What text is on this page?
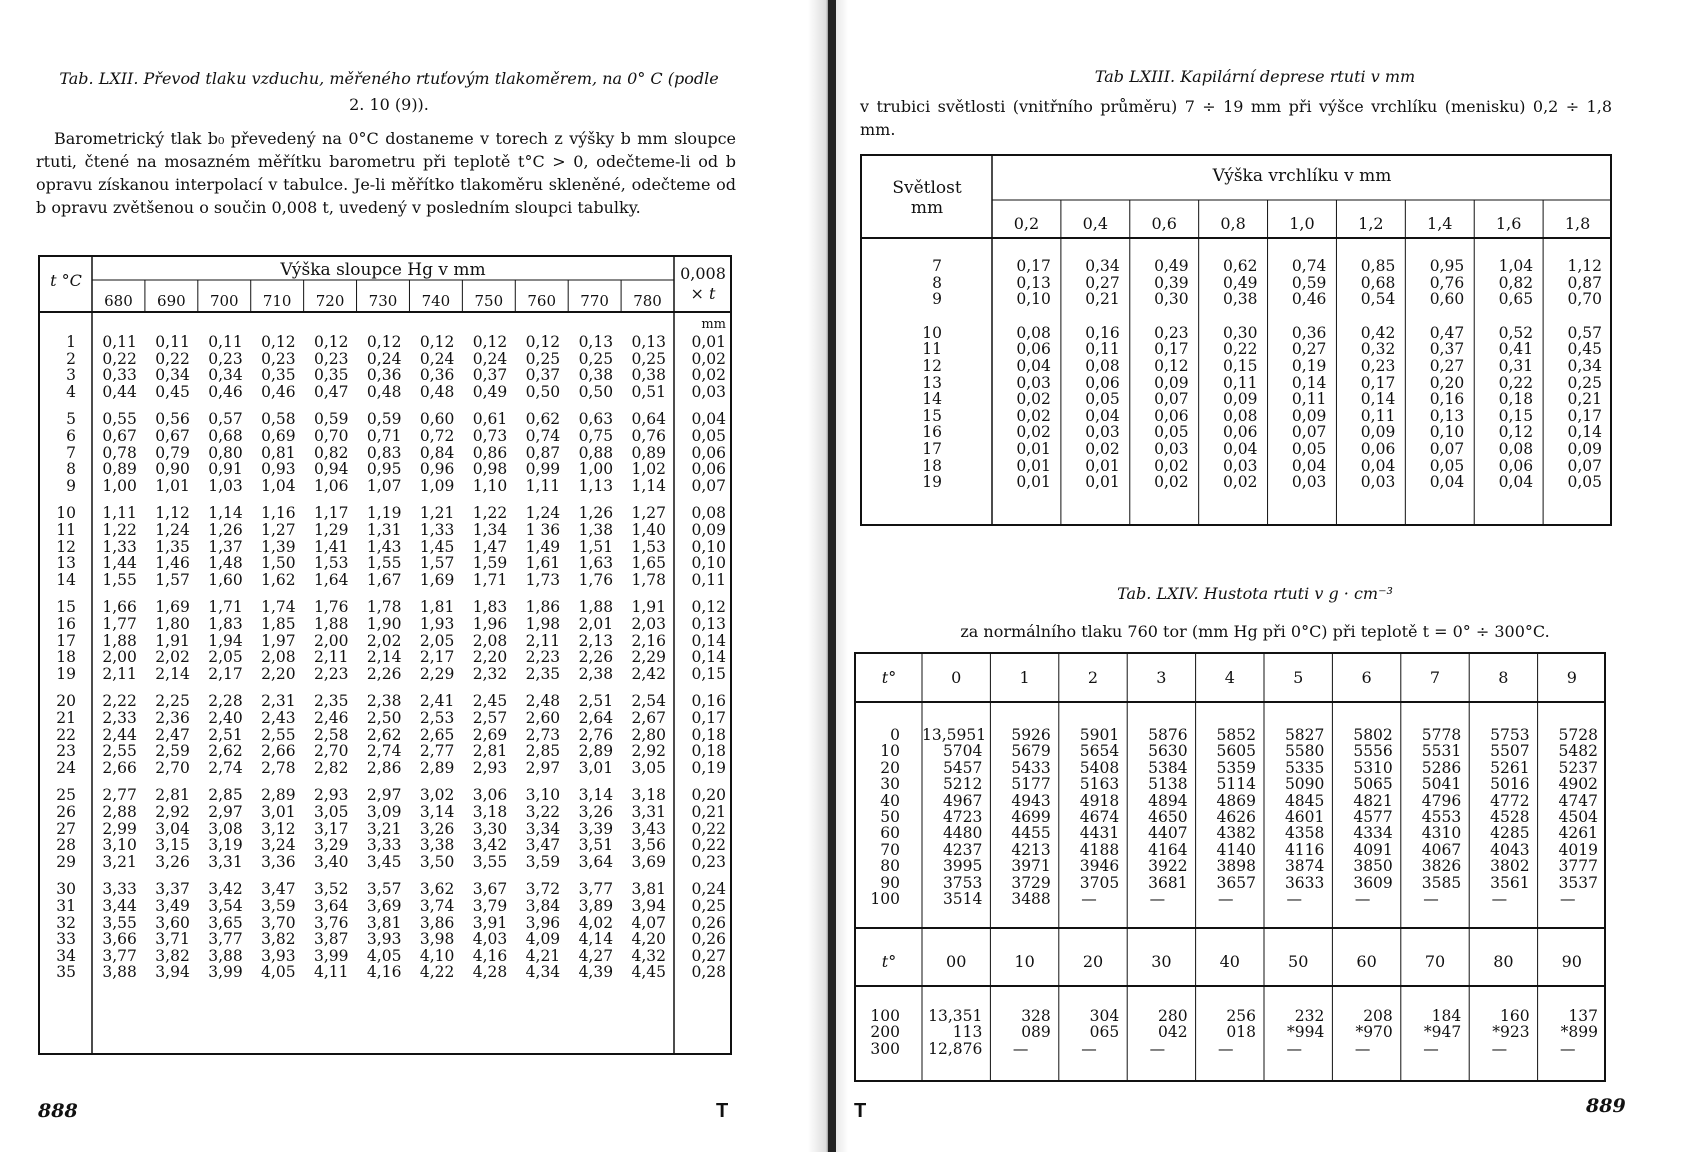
Tab. LXII. Převod tlaku vzduchu, měřeného rtuťovým tlakoměrem, na 0° C (podle
2. 10 (9)).
Barometrický tlak b₀ převedený na 0°C dostaneme v torech z výšky b mm sloupce rtuti, čtené na mosazném měřítku barometru při teplotě t°C > 0, odečteme-li od b opravu získanou interpolací v tabulce. Je-li měřítko tlakoměru skleněné, odečteme od b opravu zvětšenou o součin 0,008 t, uvedený v posledním sloupci tabulky.
t °C
Výška sloupce Hg v mm	0,008
× t
mm
680	690	700	710	720	730	740	750	760	770	780
1	0,11	0,11	0,11	0,12	0,12	0,12	0,12	0,12	0,12	0,13	0,13	0,01
2	0,22	0,22	0,23	0,23	0,23	0,24	0,24	0,24	0,25	0,25	0,25	0,02
3	0,33	0,34	0,34	0,35	0,35	0,36	0,36	0,37	0,37	0,38	0,38	0,02
4	0,44	0,45	0,46	0,46	0,47	0,48	0,48	0,49	0,50	0,50	0,51	0,03
5	0,55	0,56	0,57	0,58	0,59	0,59	0,60	0,61	0,62	0,63	0,64	0,04
6	0,67	0,67	0,68	0,69	0,70	0,71	0,72	0,73	0,74	0,75	0,76	0,05
7	0,78	0,79	0,80	0,81	0,82	0,83	0,84	0,86	0,87	0,88	0,89	0,06
8	0,89	0,90	0,91	0,93	0,94	0,95	0,96	0,98	0,99	1,00	1,02	0,06
9	1,00	1,01	1,03	1,04	1,06	1,07	1,09	1,10	1,11	1,13	1,14	0,07
10	1,11	1,12	1,14	1,16	1,17	1,19	1,21	1,22	1,24	1,26	1,27	0,08
11	1,22	1,24	1,26	1,27	1,29	1,31	1,33	1,34	1 36	1,38	1,40	0,09
12	1,33	1,35	1,37	1,39	1,41	1,43	1,45	1,47	1,49	1,51	1,53	0,10
13	1,44	1,46	1,48	1,50	1,53	1,55	1,57	1,59	1,61	1,63	1,65	0,10
14	1,55	1,57	1,60	1,62	1,64	1,67	1,69	1,71	1,73	1,76	1,78	0,11
15	1,66	1,69	1,71	1,74	1,76	1,78	1,81	1,83	1,86	1,88	1,91	0,12
16	1,77	1,80	1,83	1,85	1,88	1,90	1,93	1,96	1,98	2,01	2,03	0,13
17	1,88	1,91	1,94	1,97	2,00	2,02	2,05	2,08	2,11	2,13	2,16	0,14
18	2,00	2,02	2,05	2,08	2,11	2,14	2,17	2,20	2,23	2,26	2,29	0,14
19	2,11	2,14	2,17	2,20	2,23	2,26	2,29	2,32	2,35	2,38	2,42	0,15
20	2,22	2,25	2,28	2,31	2,35	2,38	2,41	2,45	2,48	2,51	2,54	0,16
21	2,33	2,36	2,40	2,43	2,46	2,50	2,53	2,57	2,60	2,64	2,67	0,17
22	2,44	2,47	2,51	2,55	2,58	2,62	2,65	2,69	2,73	2,76	2,80	0,18
23	2,55	2,59	2,62	2,66	2,70	2,74	2,77	2,81	2,85	2,89	2,92	0,18
24	2,66	2,70	2,74	2,78	2,82	2,86	2,89	2,93	2,97	3,01	3,05	0,19
25	2,77	2,81	2,85	2,89	2,93	2,97	3,02	3,06	3,10	3,14	3,18	0,20
26	2,88	2,92	2,97	3,01	3,05	3,09	3,14	3,18	3,22	3,26	3,31	0,21
27	2,99	3,04	3,08	3,12	3,17	3,21	3,26	3,30	3,34	3,39	3,43	0,22
28	3,10	3,15	3,19	3,24	3,29	3,33	3,38	3,42	3,47	3,51	3,56	0,22
29	3,21	3,26	3,31	3,36	3,40	3,45	3,50	3,55	3,59	3,64	3,69	0,23
30	3,33	3,37	3,42	3,47	3,52	3,57	3,62	3,67	3,72	3,77	3,81	0,24
31	3,44	3,49	3,54	3,59	3,64	3,69	3,74	3,79	3,84	3,89	3,94	0,25
32	3,55	3,60	3,65	3,70	3,76	3,81	3,86	3,91	3,96	4,02	4,07	0,26
33	3,66	3,71	3,77	3,82	3,87	3,93	3,98	4,03	4,09	4,14	4,20	0,26
34	3,77	3,82	3,88	3,93	3,99	4,05	4,10	4,16	4,21	4,27	4,32	0,27
35	3,88	3,94	3,99	4,05	4,11	4,16	4,22	4,28	4,34	4,39	4,45	0,28
888	T
Tab LXIII. Kapilární deprese rtuti v mm
v trubici světlosti (vnitřního průměru) 7 ÷ 19 mm při výšce vrchlíku (menisku) 0,2 ÷ 1,8 mm.
Světlost
mm
Výška vrchlíku v mm
0,2	0,4	0,6	0,8	1,0	1,2	1,4	1,6	1,8
7	0,17	0,34	0,49	0,62	0,74	0,85	0,95	1,04	1,12
8	0,13	0,27	0,39	0,49	0,59	0,68	0,76	0,82	0,87
9	0,10	0,21	0,30	0,38	0,46	0,54	0,60	0,65	0,70
10	0,08	0,16	0,23	0,30	0,36	0,42	0,47	0,52	0,57
11	0,06	0,11	0,17	0,22	0,27	0,32	0,37	0,41	0,45
12	0,04	0,08	0,12	0,15	0,19	0,23	0,27	0,31	0,34
13	0,03	0,06	0,09	0,11	0,14	0,17	0,20	0,22	0,25
14	0,02	0,05	0,07	0,09	0,11	0,14	0,16	0,18	0,21
15	0,02	0,04	0,06	0,08	0,09	0,11	0,13	0,15	0,17
16	0,02	0,03	0,05	0,06	0,07	0,09	0,10	0,12	0,14
17	0,01	0,02	0,03	0,04	0,05	0,06	0,07	0,08	0,09
18	0,01	0,01	0,02	0,03	0,04	0,04	0,05	0,06	0,07
19	0,01	0,01	0,02	0,02	0,03	0,03	0,04	0,04	0,05
Tab. LXIV. Hustota rtuti v g · cm⁻³
za normálního tlaku 760 tor (mm Hg při 0°C) při teplotě t = 0° ÷ 300°C.
t°	0	1	2	3	4	5	6	7	8	9
0 13,5951	5926	5901	5876	5852	5827	5802	5778	5753	5728
10	5704	5679	5654	5630	5605	5580	5556	5531	5507	5482
20	5457	5433	5408	5384	5359	5335	5310	5286	5261	5237
30	5212	5177	5163	5138	5114	5090	5065	5041	5016	4902
40	4967	4943	4918	4894	4869	4845	4821	4796	4772	4747
50	4723	4699	4674	4650	4626	4601	4577	4553	4528	4504
60	4480	4455	4431	4407	4382	4358	4334	4310	4285	4261
70	4237	4213	4188	4164	4140	4116	4091	4067	4043	4019
80	3995	3971	3946	3922	3898	3874	3850	3826	3802	3777
90	3753	3729	3705	3681	3657	3633	3609	3585	3561	3537
100	3514	3488	—	—	—	—	—	—	—	—
t°	00	10	20	30	40	50	60	70	80	90
100	13,351	328	304	280	256	232	208	184	160	137
200	113	089	065	042	018	*994	*970	*947	*923	*899
300	12,876	—	—	—	—	—	—	—	—	—
T	889
